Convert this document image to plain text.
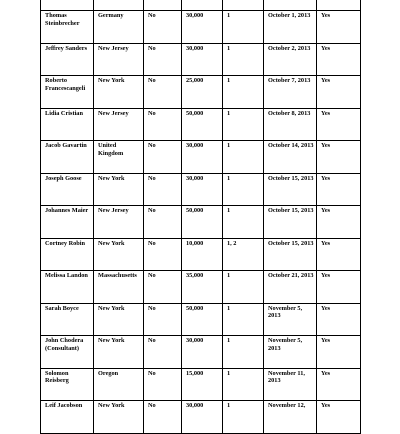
Thomas Steinbrecher	Germany	No	30,000	1	October 1, 2013	Yes
Jeffrey Sanders	New Jersey	No	30,000	1	October 2, 2013	Yes
Roberto Francescangeli	New York	No	25,000	1	October 7, 2013	Yes
Lidia Cristian	New Jersey	No	50,000	1	October 8, 2013	Yes
Jacob Gavartin	United Kingdom	No	30,000	1	October 14, 2013	Yes
Joseph Goose	New York	No	30,000	1	October 15, 2013	Yes
Johannes Maier	New Jersey	No	50,000	1	October 15, 2013	Yes
Cortney Robin	New York	No	10,000	1, 2	October 15, 2013	Yes
Melissa Landon	Massachusetts	No	35,000	1	October 21, 2013	Yes
Sarah Boyce	New York	No	50,000	1	November 5, 2013	Yes
John Chodera (Consultant)	New York	No	30,000	1	November 5, 2013	Yes
Solomon Reisberg	Oregon	No	15,000	1	November 11, 2013	Yes
Leif Jacobson	New York	No	30,000	1	November 12,	Yes
